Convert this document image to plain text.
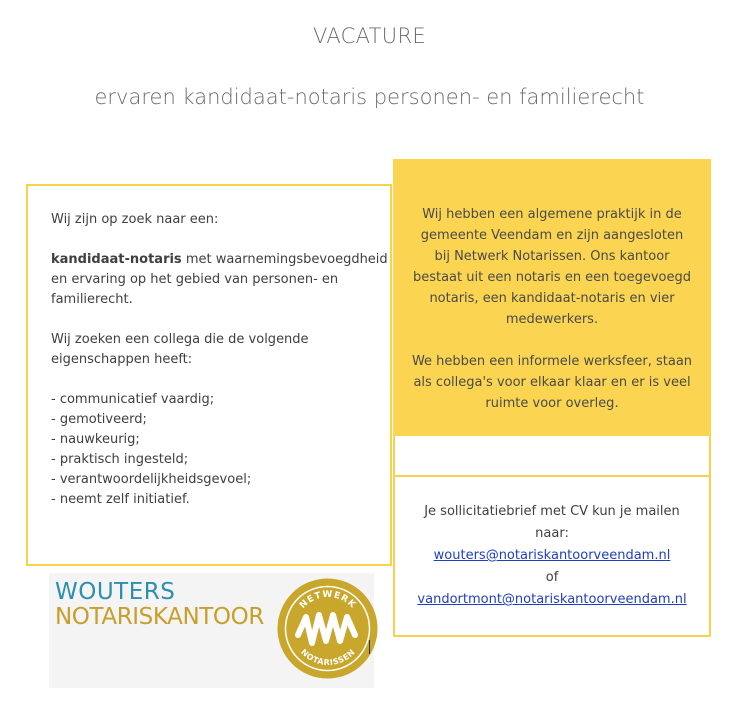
VACATURE
ervaren kandidaat-notaris personen- en familierecht

Wij zijn op zoek naar een:

kandidaat-notaris met waarnemingsbevoegdheid

en ervaring op het gebied van personen- en

familierecht.

Wij zoeken een collega die de volgende

eigenschappen heeft:

- communicatief vaardig;
- gemotiveerd;
- nauwkeurig;
- praktisch ingesteld;
- verantwoordelijkheidsgevoel;
- neemt zelf initiatief.

Wij hebben een algemene praktijk in de

gemeente Veendam en zijn aangesloten

bij Netwerk Notarissen. Ons kantoor

bestaat uit een notaris en een toegevoegd

notaris, een kandidaat-notaris en vier

medewerkers.

We hebben een informele werksfeer, staan

als collega's voor elkaar klaar en er is veel

ruimte voor overleg.

Je sollicitatiebrief met CV kun je mailen

naar:

wouters@notariskantoorveendam.nl

of

vandortmont@notariskantoorveendam.nl

WOUTERS
NOTARISKANTOOR	NETWERK
NOTARISSEN
